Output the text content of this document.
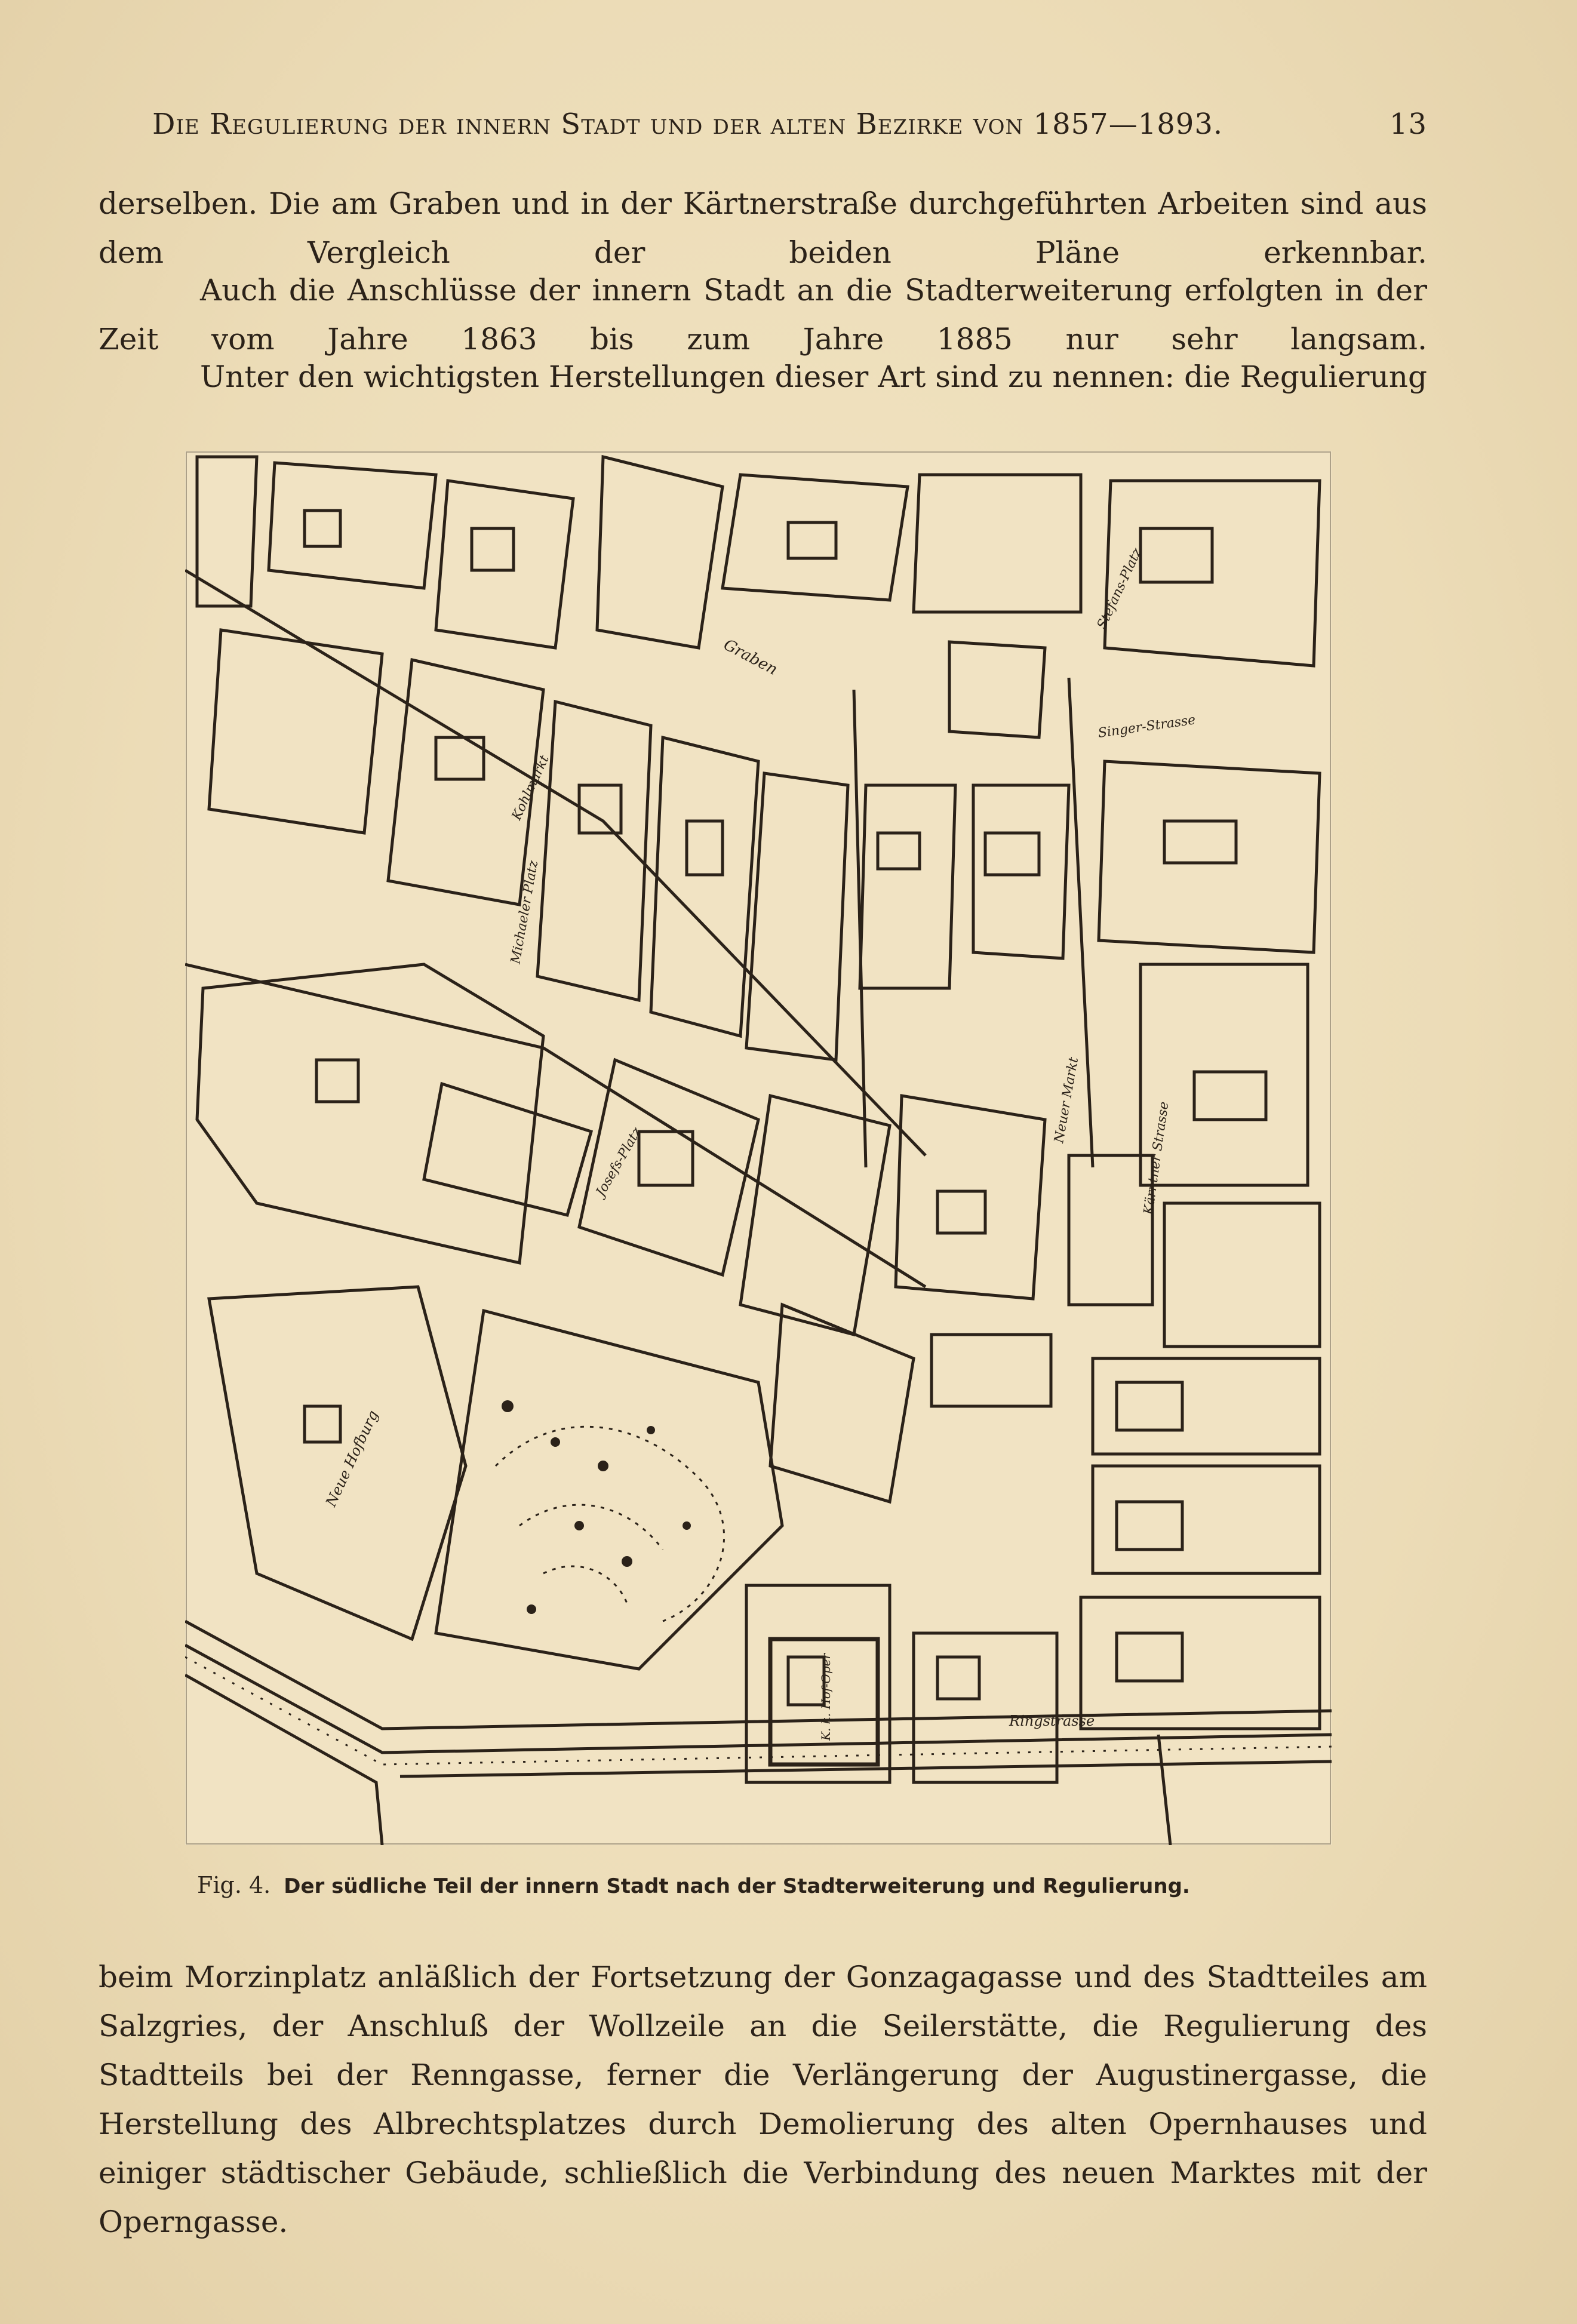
Die Regulierung der innern Stadt und der alten Bezirke von 1857—1893.	13
derselben. Die am Graben und in der Kärtnerstraße durchgeführten Arbeiten sind aus dem Vergleich der beiden Pläne erkennbar.
Auch die Anschlüsse der innern Stadt an die Stadterweiterung erfolgten in der Zeit vom Jahre 1863 bis zum Jahre 1885 nur sehr langsam.
Unter den wichtigsten Herstellungen dieser Art sind zu nennen: die Regulierung
Graben
Stefans-Platz
Singer-Strasse
Kohlmarkt
Michaeler Platz
Josefs-Platz
Neuer Markt
Kärntner Strasse
Neue Hofburg
K. k. Hof-Oper	Ringstrasse
Fig. 4. Der südliche Teil der innern Stadt nach der Stadterweiterung und Regulierung.
beim Morzinplatz anläßlich der Fortsetzung der Gonzagagasse und des Stadtteiles am Salzgries, der Anschluß der Wollzeile an die Seilerstätte, die Regulierung des Stadtteils bei der Renngasse, ferner die Verlängerung der Augustinergasse, die Herstellung des Albrechtsplatzes durch Demolierung des alten Opernhauses und einiger städtischer Gebäude, schließlich die Verbindung des neuen Marktes mit der Operngasse.
